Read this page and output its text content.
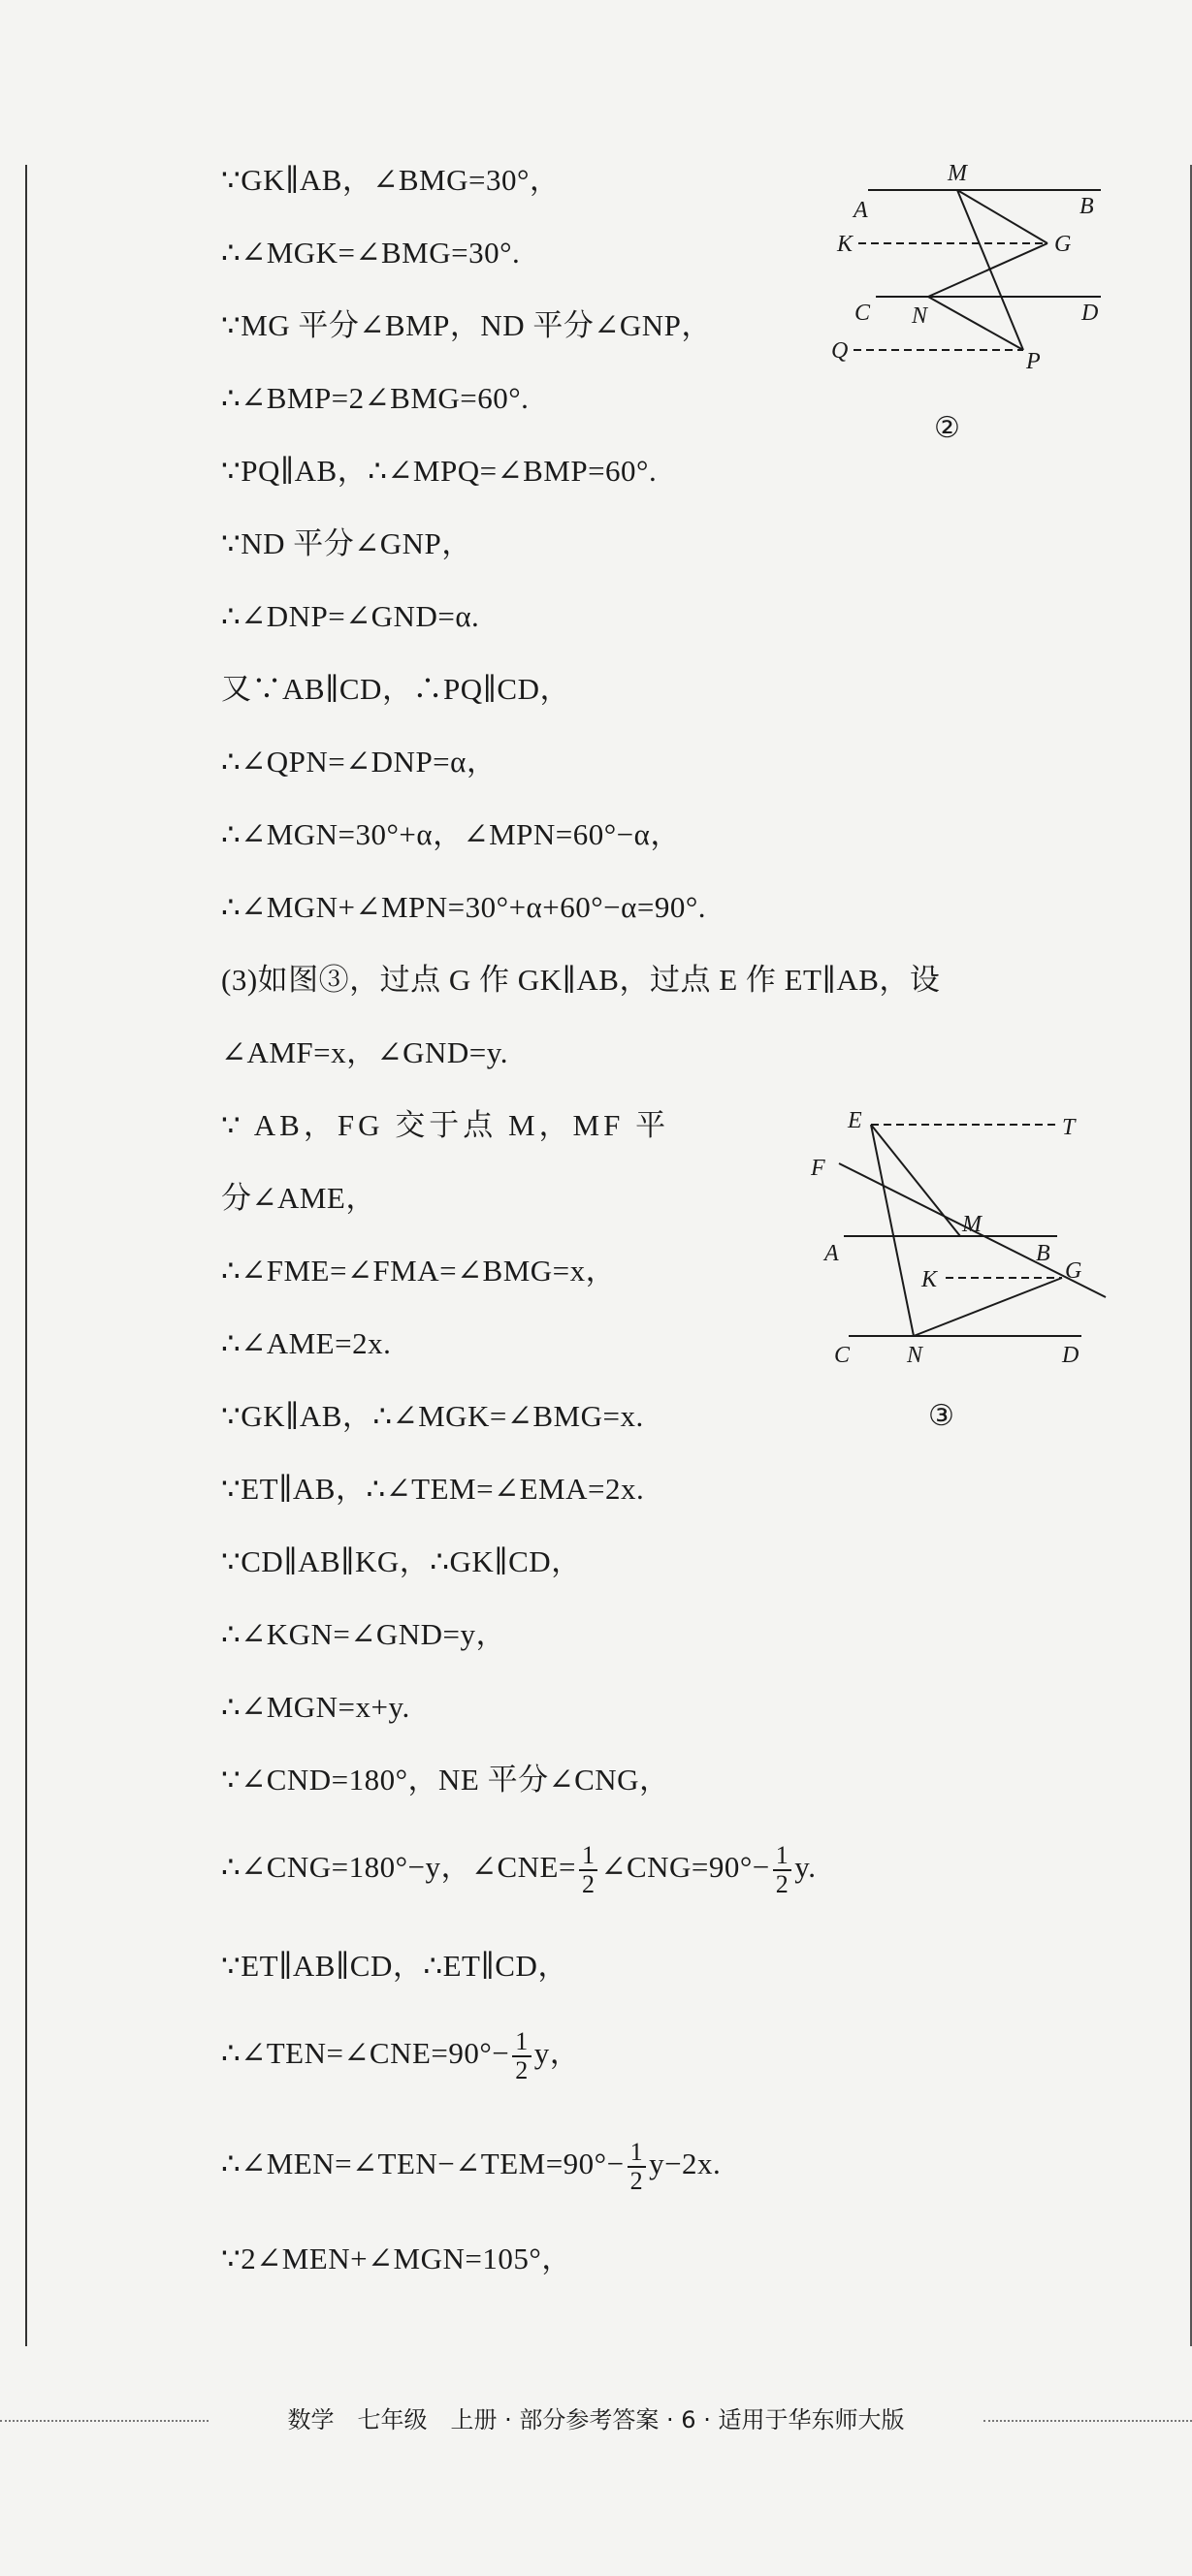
∵GK∥AB，∠BMG=30°，
∴∠MGK=∠BMG=30°.
∵MG 平分∠BMP，ND 平分∠GNP，
∴∠BMP=2∠BMG=60°.
∵PQ∥AB，∴∠MPQ=∠BMP=60°.
∵ND 平分∠GNP，
∴∠DNP=∠GND=α.
又∵AB∥CD，∴PQ∥CD，
∴∠QPN=∠DNP=α，
∴∠MGN=30°+α，∠MPN=60°−α，
∴∠MGN+∠MPN=30°+α+60°−α=90°.
(3)如图③，过点 G 作 GK∥AB，过点 E 作 ET∥AB，设
∠AMF=x，∠GND=y.
∵ AB，FG 交于点 M，MF 平
分∠AME，
∴∠FME=∠FMA=∠BMG=x，
∴∠AME=2x.
∵GK∥AB，∴∠MGK=∠BMG=x.
∵ET∥AB，∴∠TEM=∠EMA=2x.
∵CD∥AB∥KG，∴GK∥CD，
∴∠KGN=∠GND=y，
∴∠MGN=x+y.
∵∠CND=180°，NE 平分∠CNG，
∴∠CNG=180°−y，∠CNE= $\frac{1}{2}$ ∠CNG=90°− $\frac{1}{2} y$.
∵ET∥AB∥CD，∴ET∥CD，
∴∠TEN=∠CNE=90°− $\frac{1}{2}$ y，
∴∠MEN=∠TEN−∠TEM=90°− $\frac{1}{2} y-2x$.
∵2∠MEN+∠MGN=105°，
M
A	B
K	G
C N	D
Q	P
②
E	T
F
M
A	B
K	G
C N	D
③
数学　七年级　上册 · 部分参考答案 · 6 · 适用于华东师大版
